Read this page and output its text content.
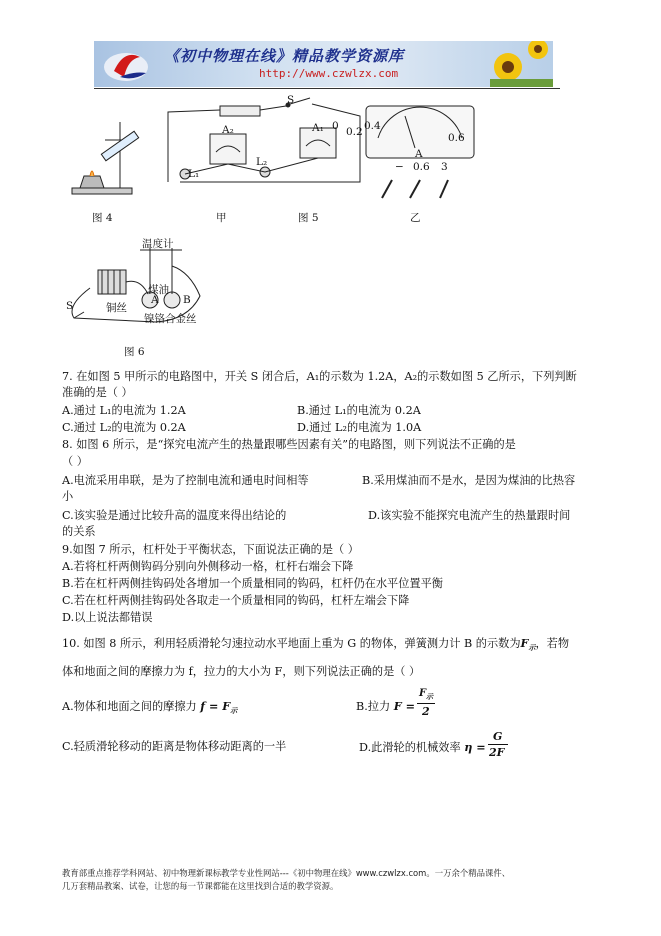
《初中物理在线》精品教学资源库
http://www.czwlzx.com
0 0.2 0.4
0.6
A
− 0.6 3
A₂	A₁
S
L₁
L₂
图 4	甲	图 5	乙
温度计
煤油
铜丝
A B
镍铬合金丝
S
图 6
7. 在如图 5 甲所示的电路图中，开关 S 闭合后，A₁的示数为 1.2A，A₂的示数如图 5 乙所示，下列判断
准确的是（ ）
A.通过 L₁的电流为 1.2A	B.通过 L₁的电流为 0.2A
C.通过 L₂的电流为 0.2A	D.通过 L₂的电流为 1.0A
8. 如图 6 所示，是“探究电流产生的热量跟哪些因素有关”的电路图，则下列说法不正确的是
（ ）
A.电流采用串联，是为了控制电流和通电时间相等	B.采用煤油而不是水，是因为煤油的比热容
小
C.该实验是通过比较升高的温度来得出结论的	D.该实验不能探究电流产生的热量跟时间
的关系
9.如图 7 所示，杠杆处于平衡状态，下面说法正确的是（ ）
A.若将杠杆两侧钩码分别向外侧移动一格，杠杆右端会下降
B.若在杠杆两侧挂钩码处各增加一个质量相同的钩码，杠杆仍在水平位置平衡
C.若在杠杆两侧挂钩码处各取走一个质量相同的钩码，杠杆左端会下降
D.以上说法都错误
10. 如图 8 所示，利用轻质滑轮匀速拉动水平地面上重为 G 的物体，弹簧测力计 B 的示数为$F_示$，若物
体和地面之间的摩擦力为 f，拉力的大小为 F，则下列说法正确的是（ ）
A.物体和地面之间的摩擦力 $f = F_示$	B.拉力 F =
$F_示$
2
C.轻质滑轮移动的距离是物体移动距离的一半	D.此滑轮的机械效率 η =
G
2F
教育部重点推荐学科网站、初中物理新课标教学专业性网站---《初中物理在线》www.czwlzx.com。一万余个精品课件、
几万套精品教案、试卷，让您的每一节课都能在这里找到合适的教学资源。
